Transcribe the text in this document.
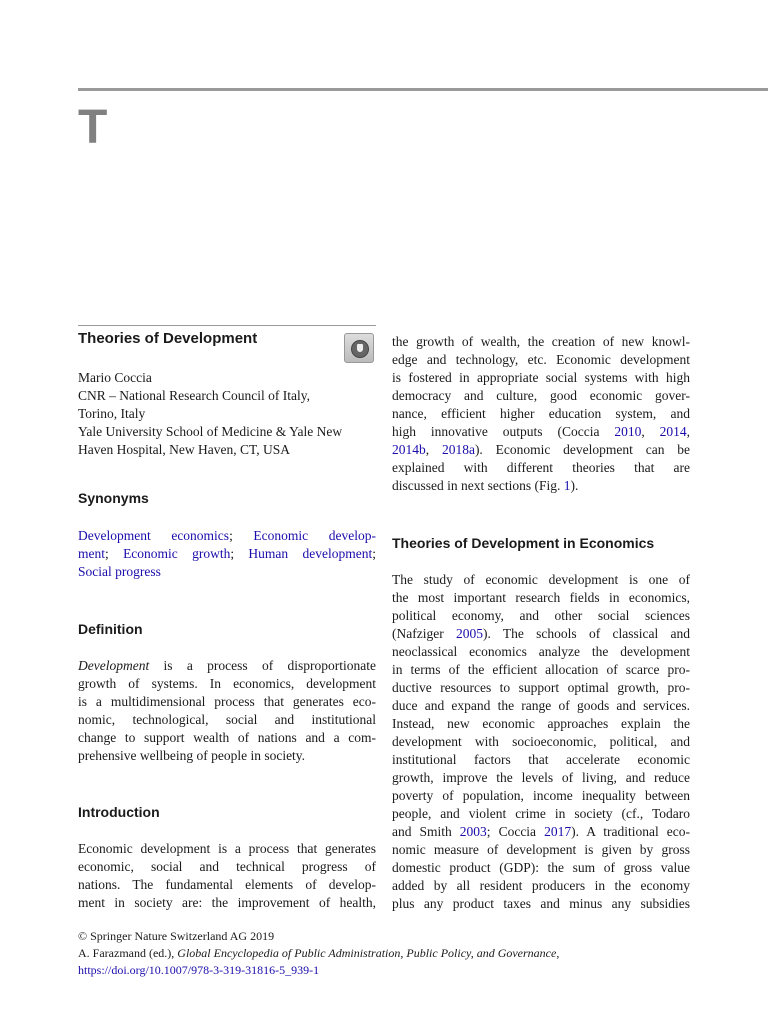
T
Theories of Development
Mario Coccia
CNR – National Research Council of Italy,
Torino, Italy
Yale University School of Medicine & Yale New
Haven Hospital, New Haven, CT, USA
Synonyms
Development economics; Economic develop-
ment; Economic growth; Human development;
Social progress
Definition
Development is a process of disproportionate
growth of systems. In economics, development
is a multidimensional process that generates eco-
nomic, technological, social and institutional
change to support wealth of nations and a com-
prehensive wellbeing of people in society.
Introduction
Economic development is a process that generates
economic, social and technical progress of
nations. The fundamental elements of develop-
ment in society are: the improvement of health,
the growth of wealth, the creation of new knowl-
edge and technology, etc. Economic development
is fostered in appropriate social systems with high
democracy and culture, good economic gover-
nance, efficient higher education system, and
high innovative outputs (Coccia 2010, 2014,
2014b, 2018a). Economic development can be
explained with different theories that are
discussed in next sections (Fig. 1).
Theories of Development in Economics
The study of economic development is one of
the most important research fields in economics,
political economy, and other social sciences
(Nafziger 2005). The schools of classical and
neoclassical economics analyze the development
in terms of the efficient allocation of scarce pro-
ductive resources to support optimal growth, pro-
duce and expand the range of goods and services.
Instead, new economic approaches explain the
development with socioeconomic, political, and
institutional factors that accelerate economic
growth, improve the levels of living, and reduce
poverty of population, income inequality between
people, and violent crime in society (cf., Todaro
and Smith 2003; Coccia 2017). A traditional eco-
nomic measure of development is given by gross
domestic product (GDP): the sum of gross value
added by all resident producers in the economy
plus any product taxes and minus any subsidies
© Springer Nature Switzerland AG 2019
A. Farazmand (ed.), Global Encyclopedia of Public Administration, Public Policy, and Governance,
https://doi.org/10.1007/978-3-319-31816-5_939-1
